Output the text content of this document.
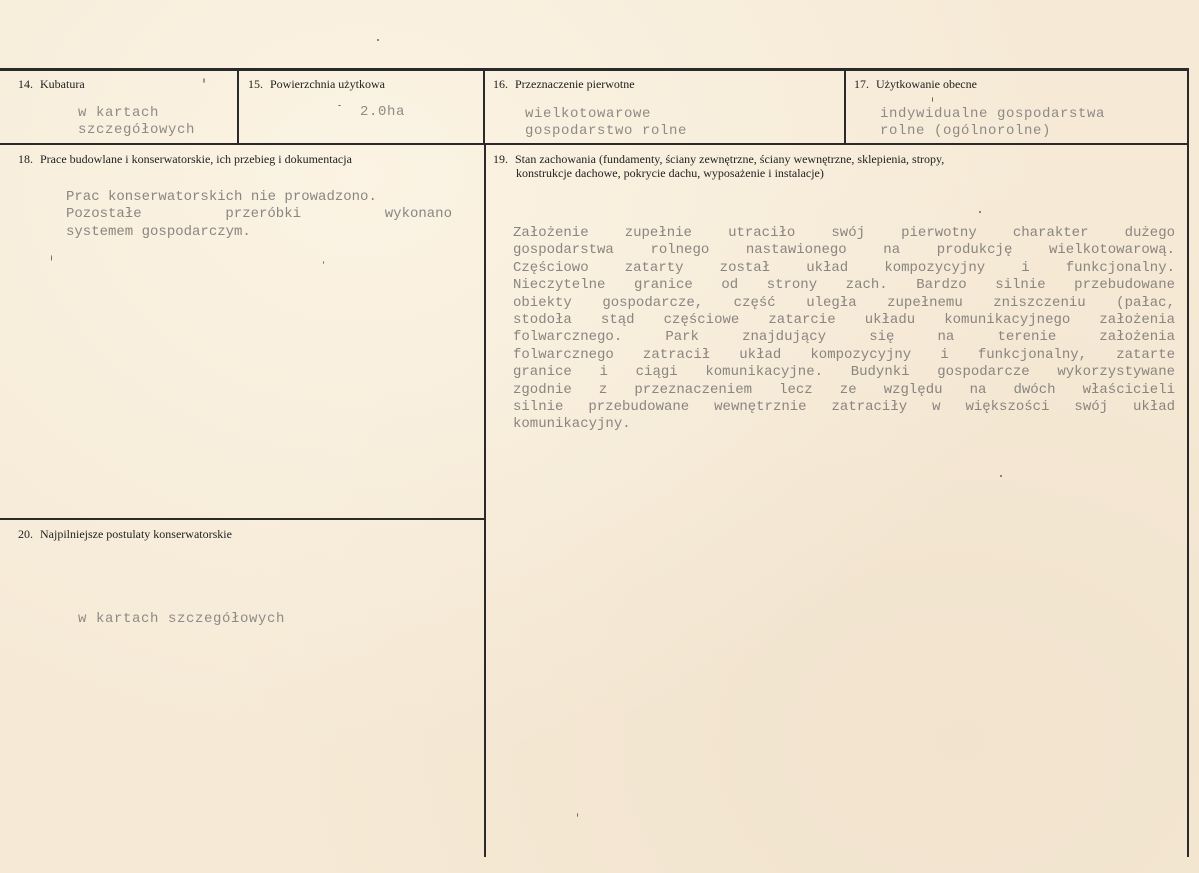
14. Kubatura
w kartach
szczegółowych
15. Powierzchnia użytkowa
2.0ha
16. Przeznaczenie pierwotne
wielkotowarowe
gospodarstwo rolne
17. Użytkowanie obecne
indywidualne gospodarstwa
rolne (ogólnorolne)
18. Prace budowlane i konserwatorskie, ich przebieg i dokumentacja
Prac konserwatorskich nie prowadzono.
Pozostałe przeróbki wykonano
systemem gospodarczym.
19. Stan zachowania (fundamenty, ściany zewnętrzne, ściany wewnętrzne, sklepienia, stropy,
konstrukcje dachowe, pokrycie dachu, wyposażenie i instalacje)
Założenie zupełnie utraciło swój pierwotny charakter dużego
gospodarstwa rolnego nastawionego na produkcję wielkotowarową.
Częściowo zatarty został układ kompozycyjny i funkcjonalny.
Nieczytelne granice od strony zach. Bardzo silnie przebudowane
obiekty gospodarcze, część uległa zupełnemu zniszczeniu (pałac,
stodoła stąd częściowe zatarcie układu komunikacyjnego założenia
folwarcznego. Park znajdujący się na terenie założenia
folwarcznego zatracił układ kompozycyjny i funkcjonalny, zatarte
granice i ciągi komunikacyjne. Budynki gospodarcze wykorzystywane
zgodnie z przeznaczeniem lecz ze względu na dwóch właścicieli
silnie przebudowane wewnętrznie zatraciły w większości swój układ
komunikacyjny.
20. Najpilniejsze postulaty konserwatorskie
w kartach szczegółowych
